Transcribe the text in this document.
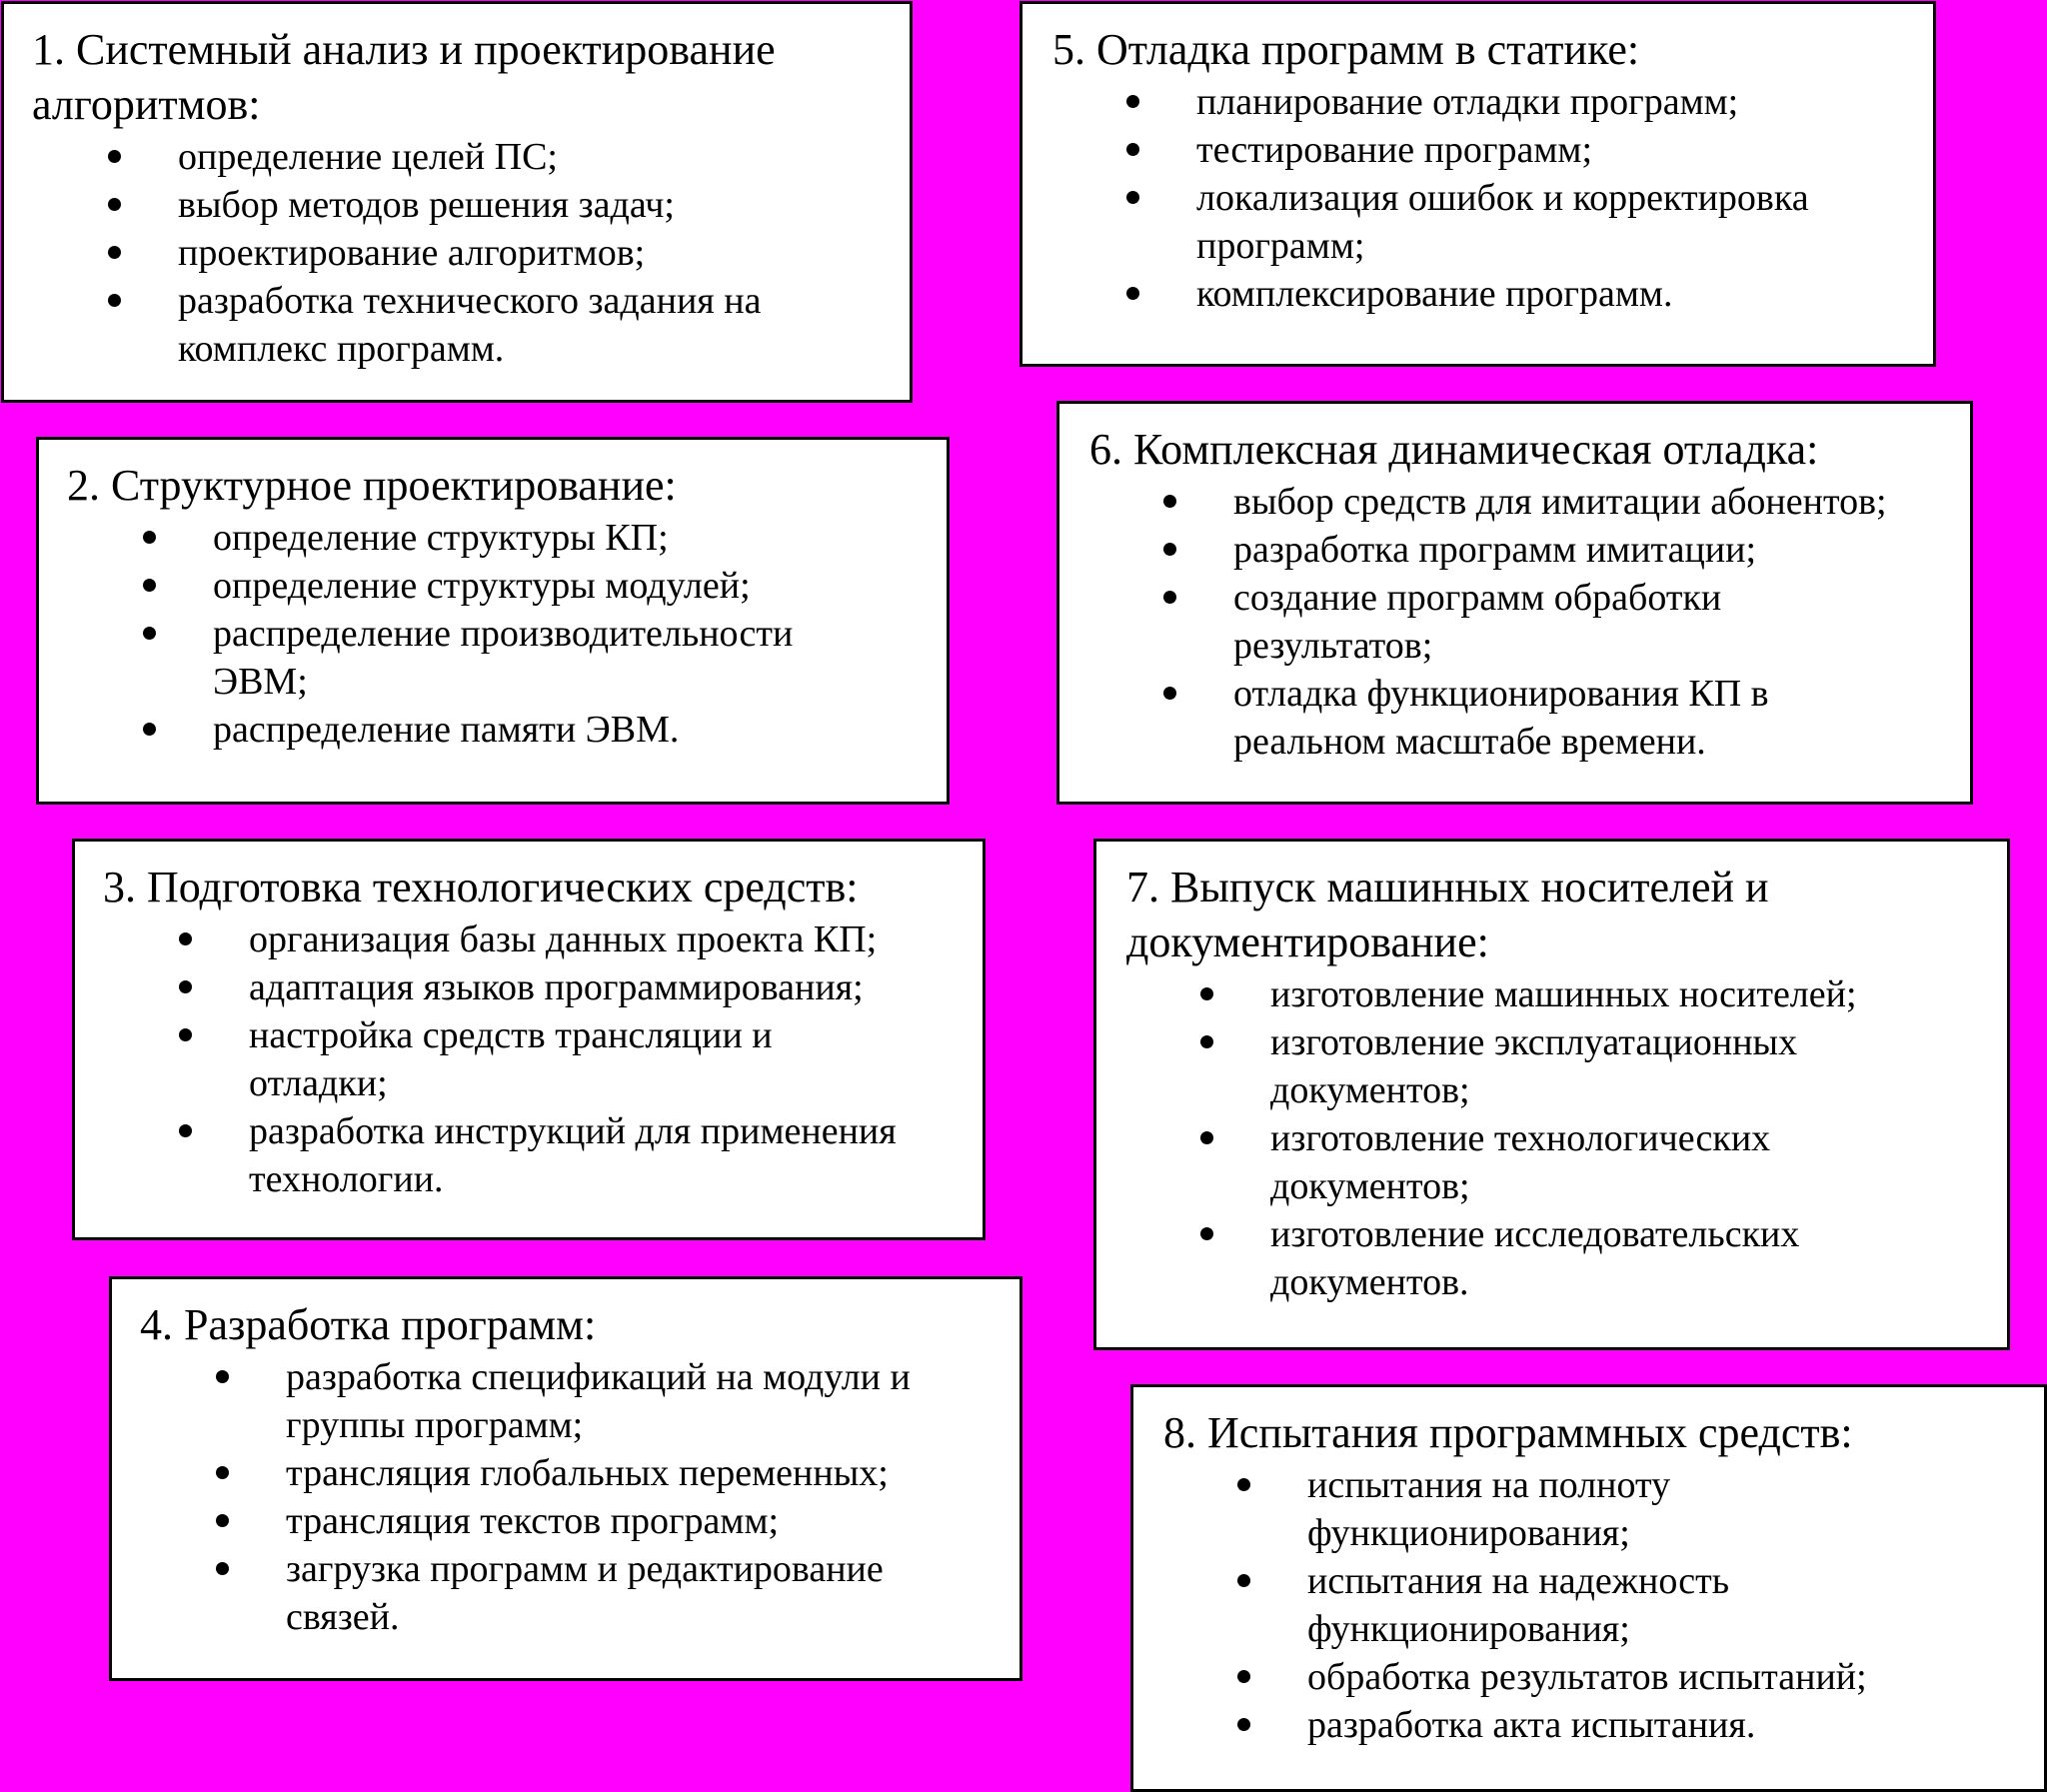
1. Системный анализ и проектирование
алгоритмов:
определение целей ПС;
выбор методов решения задач;
проектирование алгоритмов;
разработка технического задания на
комплекс программ.
2. Структурное проектирование:
определение структуры КП;
определение структуры модулей;
распределение производительности
ЭВМ;
распределение памяти ЭВМ.
3. Подготовка технологических средств:
организация базы данных проекта КП;
адаптация языков программирования;
настройка средств трансляции и
отладки;
разработка инструкций для применения
технологии.
4. Разработка программ:
разработка спецификаций на модули и
группы программ;
трансляция глобальных переменных;
трансляция текстов программ;
загрузка программ и редактирование
связей.
5. Отладка программ в статике:
планирование отладки программ;
тестирование программ;
локализация ошибок и корректировка
программ;
комплексирование программ.
6. Комплексная динамическая отладка:
выбор средств для имитации абонентов;
разработка программ имитации;
создание программ обработки
результатов;
отладка функционирования КП в
реальном масштабе времени.
7. Выпуск машинных носителей и
документирование:
изготовление машинных носителей;
изготовление эксплуатационных
документов;
изготовление технологических
документов;
изготовление исследовательских
документов.
8. Испытания программных средств:
испытания на полноту
функционирования;
испытания на надежность
функционирования;
обработка результатов испытаний;
разработка акта испытания.
